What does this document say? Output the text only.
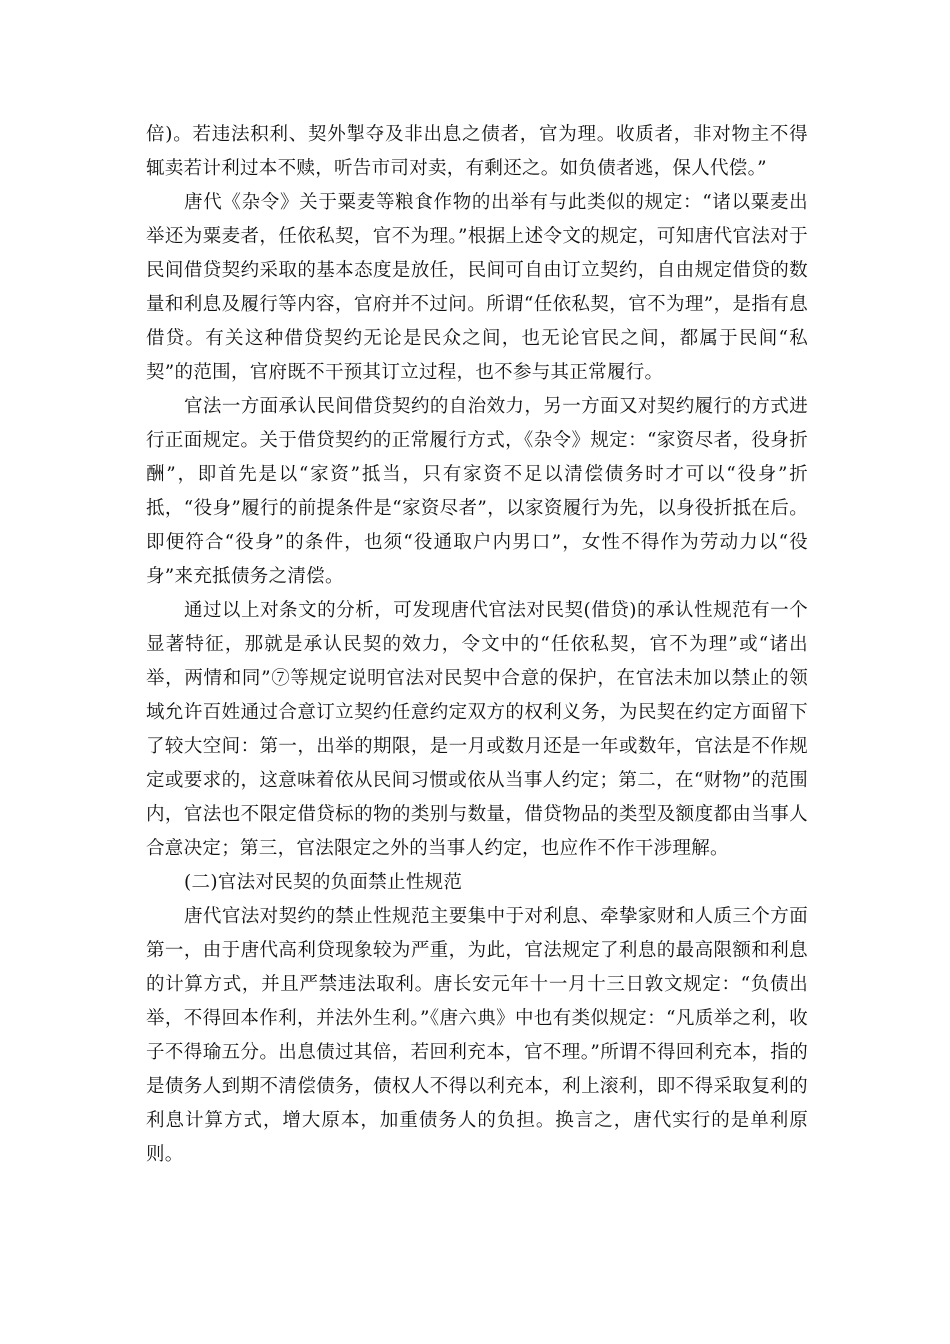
倍)。若违法积利、契外掣夺及非出息之债者，官为理。收质者，非对物主不得辄卖若计利过本不赎，听告市司对卖，有剩还之。如负债者逃，保人代偿。”

唐代《杂令》关于粟麦等粮食作物的出举有与此类似的规定：“诸以粟麦出举还为粟麦者，任依私契，官不为理。”根据上述令文的规定，可知唐代官法对于民间借贷契约采取的基本态度是放任，民间可自由订立契约，自由规定借贷的数量和利息及履行等内容，官府并不过问。所谓“任依私契，官不为理”，是指有息借贷。有关这种借贷契约无论是民众之间，也无论官民之间，都属于民间“私契”的范围，官府既不干预其订立过程，也不参与其正常履行。

官法一方面承认民间借贷契约的自治效力，另一方面又对契约履行的方式进行正面规定。关于借贷契约的正常履行方式，《杂令》规定：“家资尽者，役身折酬”，即首先是以“家资”抵当，只有家资不足以清偿债务时才可以“役身”折抵，“役身”履行的前提条件是“家资尽者”，以家资履行为先，以身役折抵在后。即便符合“役身”的条件，也须“役通取户内男口”，女性不得作为劳动力以“役身”来充抵债务之清偿。

通过以上对条文的分析，可发现唐代官法对民契(借贷)的承认性规范有一个显著特征，那就是承认民契的效力，令文中的“任依私契，官不为理”或“诸出举，两情和同”⑦等规定说明官法对民契中合意的保护，在官法未加以禁止的领域允许百姓通过合意订立契约任意约定双方的权利义务，为民契在约定方面留下了较大空间：第一，出举的期限，是一月或数月还是一年或数年，官法是不作规定或要求的，这意味着依从民间习惯或依从当事人约定；第二，在“财物”的范围内，官法也不限定借贷标的物的类别与数量，借贷物品的类型及额度都由当事人合意决定；第三，官法限定之外的当事人约定，也应作不作干涉理解。

(二)官法对民契的负面禁止性规范

唐代官法对契约的禁止性规范主要集中于对利息、牵挚家财和人质三个方面第一，由于唐代高利贷现象较为严重，为此，官法规定了利息的最高限额和利息的计算方式，并且严禁违法取利。唐长安元年十一月十三日敦文规定：“负债出举，不得回本作利，并法外生利。”《唐六典》中也有类似规定：“凡质举之利，收子不得瑜五分。出息债过其倍，若回利充本，官不理。”所谓不得回利充本，指的是债务人到期不清偿债务，债权人不得以利充本，利上滚利，即不得采取复利的利息计算方式，增大原本，加重债务人的负担。换言之，唐代实行的是单利原则。
